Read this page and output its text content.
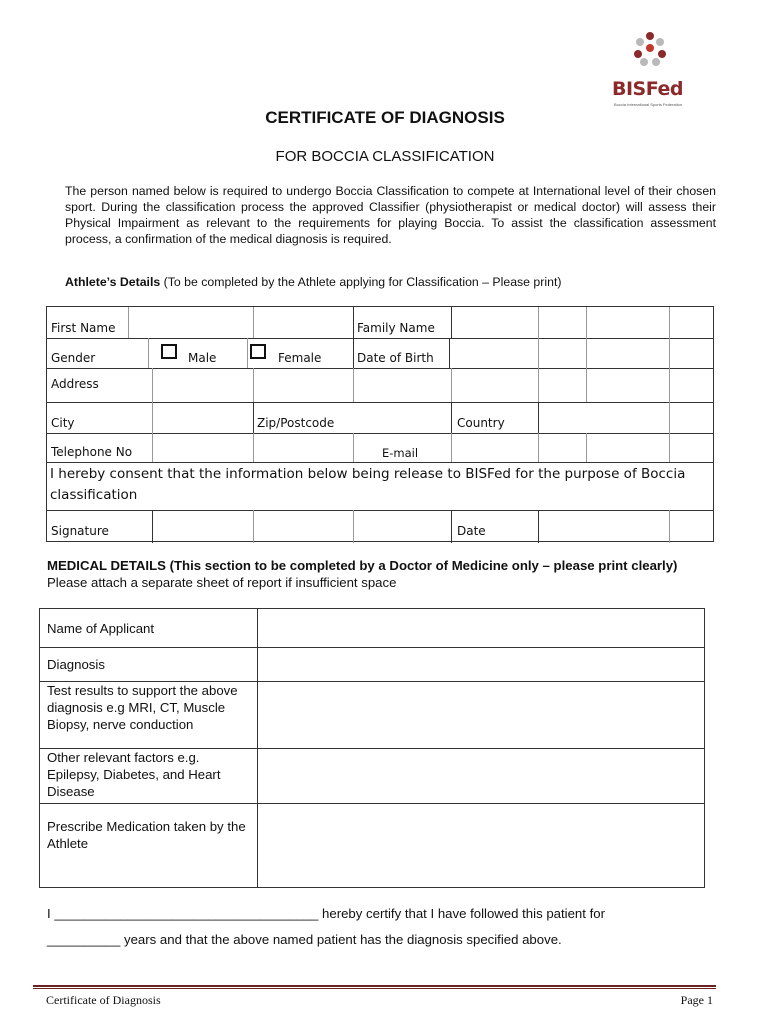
BISFed
Boccia International Sports Federation
CERTIFICATE OF DIAGNOSIS
FOR BOCCIA CLASSIFICATION
The person named below is required to undergo Boccia Classification to compete at International level of their chosen sport. During the classification process the approved Classifier (physiotherapist or medical doctor) will assess their Physical Impairment as relevant to the requirements for playing Boccia. To assist the classification assessment process, a confirmation of the medical diagnosis is required.
Athlete’s Details (To be completed by the Athlete applying for Classification – Please print)
First Name	Family Name
Gender	Male	Female	Date of Birth
Address
City	Zip/Postcode	Country
Telephone No	E-mail
I hereby consent that the information below being release to BISFed for the purpose of Boccia classification
Signature	Date
MEDICAL DETAILS (This section to be completed by a Doctor of Medicine only – please print clearly) Please attach a separate sheet of report if insufficient space
Name of Applicant
Diagnosis
Test results to support the above diagnosis e.g MRI, CT, Muscle Biopsy, nerve conduction
Other relevant factors e.g. Epilepsy, Diabetes, and Heart Disease
Prescribe Medication taken by the Athlete
I ____________________________________ hereby certify that I have followed this patient for
__________ years and that the above named patient has the diagnosis specified above.
Certificate of Diagnosis	Page 1
